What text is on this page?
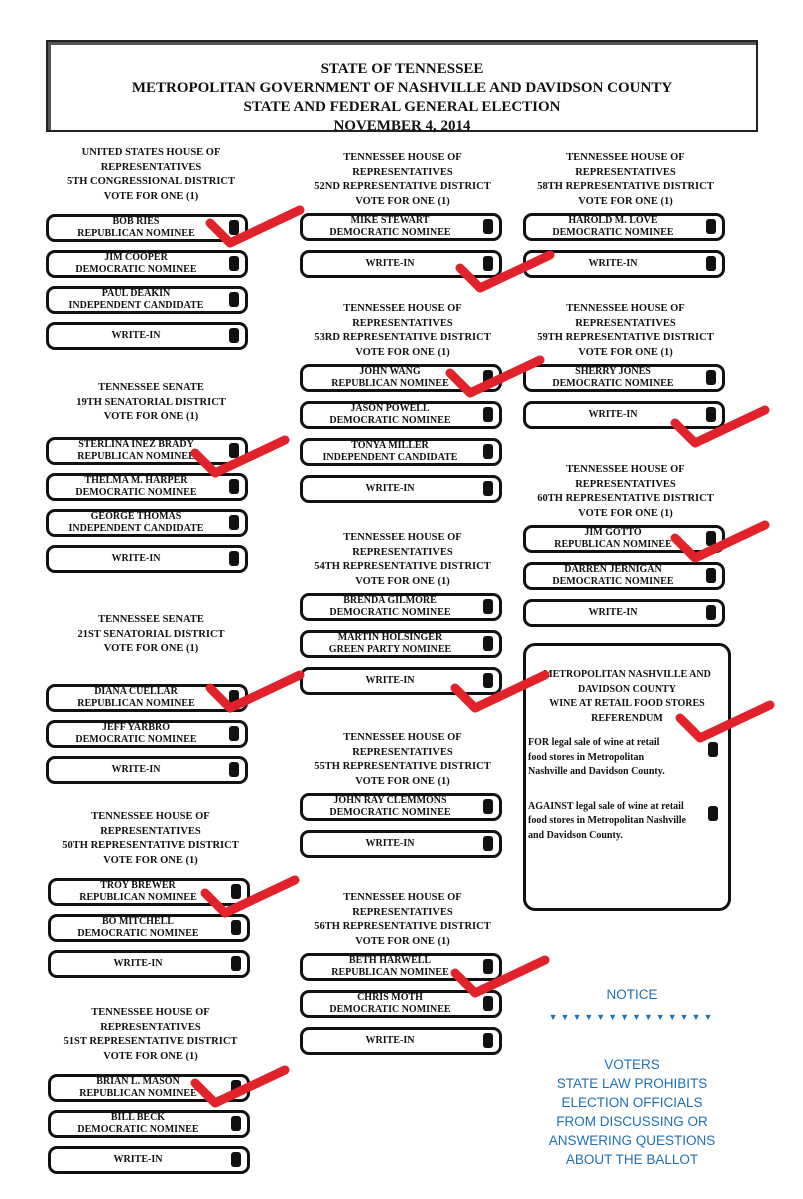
STATE OF TENNESSEE
METROPOLITAN GOVERNMENT OF NASHVILLE AND DAVIDSON COUNTY
STATE AND FEDERAL GENERAL ELECTION
NOVEMBER 4, 2014
UNITED STATES HOUSE OF
REPRESENTATIVES
5TH CONGRESSIONAL DISTRICT
VOTE FOR ONE (1)
BOB RIES
REPUBLICAN NOMINEE
JIM COOPER
DEMOCRATIC NOMINEE
PAUL DEAKIN
INDEPENDENT CANDIDATE
WRITE-IN
TENNESSEE SENATE
19TH SENATORIAL DISTRICT
VOTE FOR ONE (1)
STERLINA INEZ BRADY
REPUBLICAN NOMINEE
THELMA M. HARPER
DEMOCRATIC NOMINEE
GEORGE THOMAS
INDEPENDENT CANDIDATE
WRITE-IN
TENNESSEE SENATE
21ST SENATORIAL DISTRICT
VOTE FOR ONE (1)
DIANA CUELLAR
REPUBLICAN NOMINEE
JEFF YARBRO
DEMOCRATIC NOMINEE
WRITE-IN
TENNESSEE HOUSE OF
REPRESENTATIVES
50TH REPRESENTATIVE DISTRICT
VOTE FOR ONE (1)
TROY BREWER
REPUBLICAN NOMINEE
BO MITCHELL
DEMOCRATIC NOMINEE
WRITE-IN
TENNESSEE HOUSE OF
REPRESENTATIVES
51ST REPRESENTATIVE DISTRICT
VOTE FOR ONE (1)
BRIAN L. MASON
REPUBLICAN NOMINEE
BILL BECK
DEMOCRATIC NOMINEE
WRITE-IN
TENNESSEE HOUSE OF
REPRESENTATIVES
52ND REPRESENTATIVE DISTRICT
VOTE FOR ONE (1)
MIKE STEWART
DEMOCRATIC NOMINEE
WRITE-IN
TENNESSEE HOUSE OF
REPRESENTATIVES
53RD REPRESENTATIVE DISTRICT
VOTE FOR ONE (1)
JOHN WANG
REPUBLICAN NOMINEE
JASON POWELL
DEMOCRATIC NOMINEE
TONYA MILLER
INDEPENDENT CANDIDATE
WRITE-IN
TENNESSEE HOUSE OF
REPRESENTATIVES
54TH REPRESENTATIVE DISTRICT
VOTE FOR ONE (1)
BRENDA GILMORE
DEMOCRATIC NOMINEE
MARTIN HOLSINGER
GREEN PARTY NOMINEE
WRITE-IN
TENNESSEE HOUSE OF
REPRESENTATIVES
55TH REPRESENTATIVE DISTRICT
VOTE FOR ONE (1)
JOHN RAY CLEMMONS
DEMOCRATIC NOMINEE
WRITE-IN
TENNESSEE HOUSE OF
REPRESENTATIVES
56TH REPRESENTATIVE DISTRICT
VOTE FOR ONE (1)
BETH HARWELL
REPUBLICAN NOMINEE
CHRIS MOTH
DEMOCRATIC NOMINEE
WRITE-IN
TENNESSEE HOUSE OF
REPRESENTATIVES
58TH REPRESENTATIVE DISTRICT
VOTE FOR ONE (1)
HAROLD M. LOVE
DEMOCRATIC NOMINEE
WRITE-IN
TENNESSEE HOUSE OF
REPRESENTATIVES
59TH REPRESENTATIVE DISTRICT
VOTE FOR ONE (1)
SHERRY JONES
DEMOCRATIC NOMINEE
WRITE-IN
TENNESSEE HOUSE OF
REPRESENTATIVES
60TH REPRESENTATIVE DISTRICT
VOTE FOR ONE (1)
JIM GOTTO
REPUBLICAN NOMINEE
DARREN JERNIGAN
DEMOCRATIC NOMINEE
WRITE-IN
METROPOLITAN NASHVILLE AND
DAVIDSON COUNTY
WINE AT RETAIL FOOD STORES
REFERENDUM
FOR legal sale of wine at retail
food stores in Metropolitan
Nashville and Davidson County.
AGAINST legal sale of wine at retail
food stores in Metropolitan Nashville
and Davidson County.
NOTICE
▼▼▼▼▼▼▼▼▼▼▼▼▼▼
VOTERS
STATE LAW PROHIBITS
ELECTION OFFICIALS
FROM DISCUSSING OR
ANSWERING QUESTIONS
ABOUT THE BALLOT
